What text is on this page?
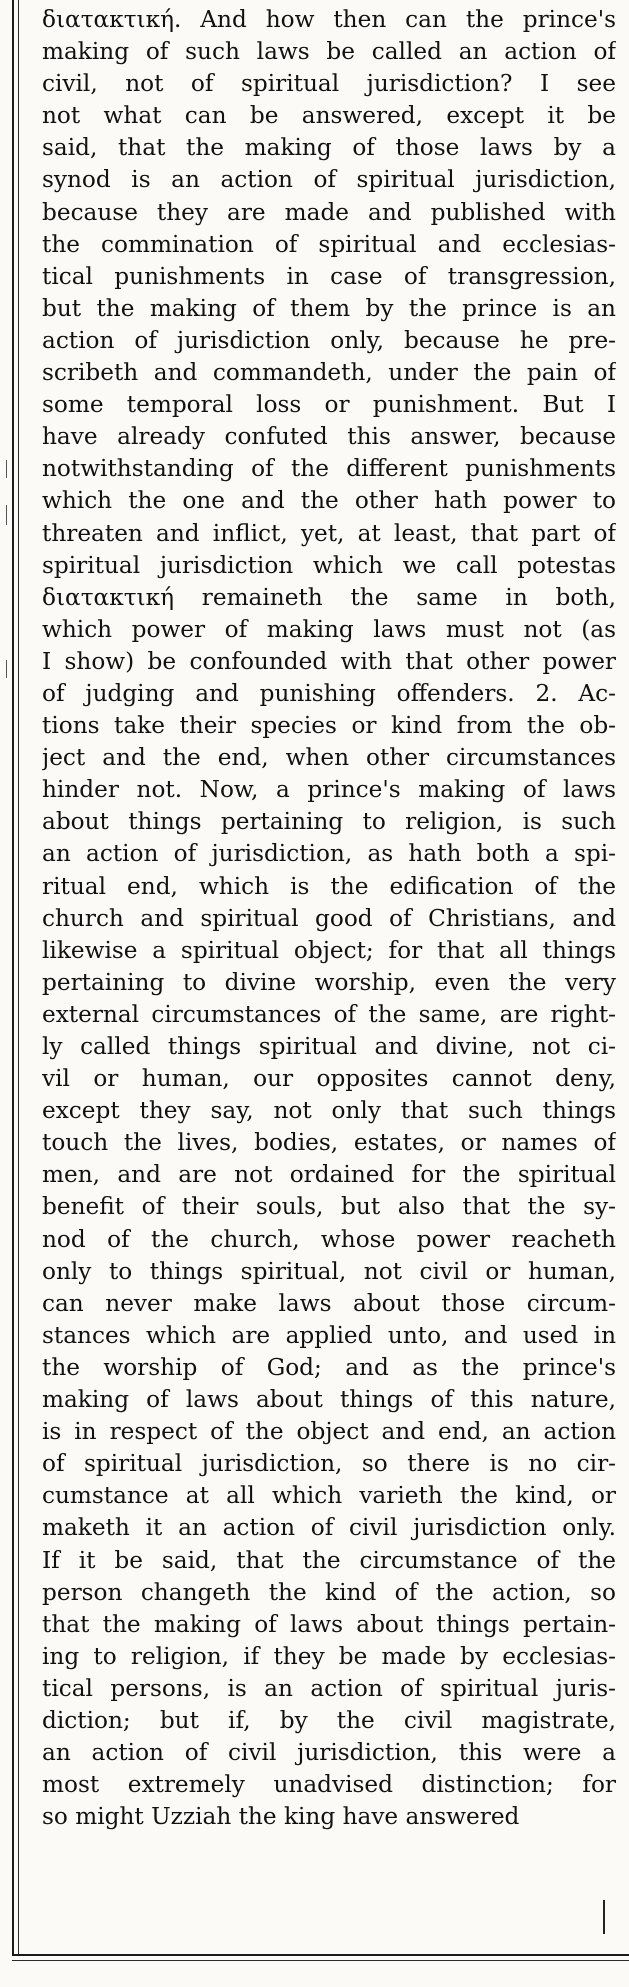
διατακτική. And how then can the prince's
making of such laws be called an action of
civil, not of spiritual jurisdiction? I see
not what can be answered, except it be
said, that the making of those laws by a
synod is an action of spiritual jurisdiction,
because they are made and published with
the commination of spiritual and ecclesias-
tical punishments in case of transgression,
but the making of them by the prince is an
action of jurisdiction only, because he pre-
scribeth and commandeth, under the pain of
some temporal loss or punishment. But I
have already confuted this answer, because
notwithstanding of the different punishments
which the one and the other hath power to
threaten and inflict, yet, at least, that part of
spiritual jurisdiction which we call potestas
διατακτική remaineth the same in both,
which power of making laws must not (as
I show) be confounded with that other power
of judging and punishing offenders. 2. Ac-
tions take their species or kind from the ob-
ject and the end, when other circumstances
hinder not. Now, a prince's making of laws
about things pertaining to religion, is such
an action of jurisdiction, as hath both a spi-
ritual end, which is the edification of the
church and spiritual good of Christians, and
likewise a spiritual object; for that all things
pertaining to divine worship, even the very
external circumstances of the same, are right-
ly called things spiritual and divine, not ci-
vil or human, our opposites cannot deny,
except they say, not only that such things
touch the lives, bodies, estates, or names of
men, and are not ordained for the spiritual
benefit of their souls, but also that the sy-
nod of the church, whose power reacheth
only to things spiritual, not civil or human,
can never make laws about those circum-
stances which are applied unto, and used in
the worship of God; and as the prince's
making of laws about things of this nature,
is in respect of the object and end, an action
of spiritual jurisdiction, so there is no cir-
cumstance at all which varieth the kind, or
maketh it an action of civil jurisdiction only.
If it be said, that the circumstance of the
person changeth the kind of the action, so
that the making of laws about things pertain-
ing to religion, if they be made by ecclesias-
tical persons, is an action of spiritual juris-
diction; but if, by the civil magistrate,
an action of civil jurisdiction, this were a
most extremely unadvised distinction; for
so might Uzziah the king have answered
